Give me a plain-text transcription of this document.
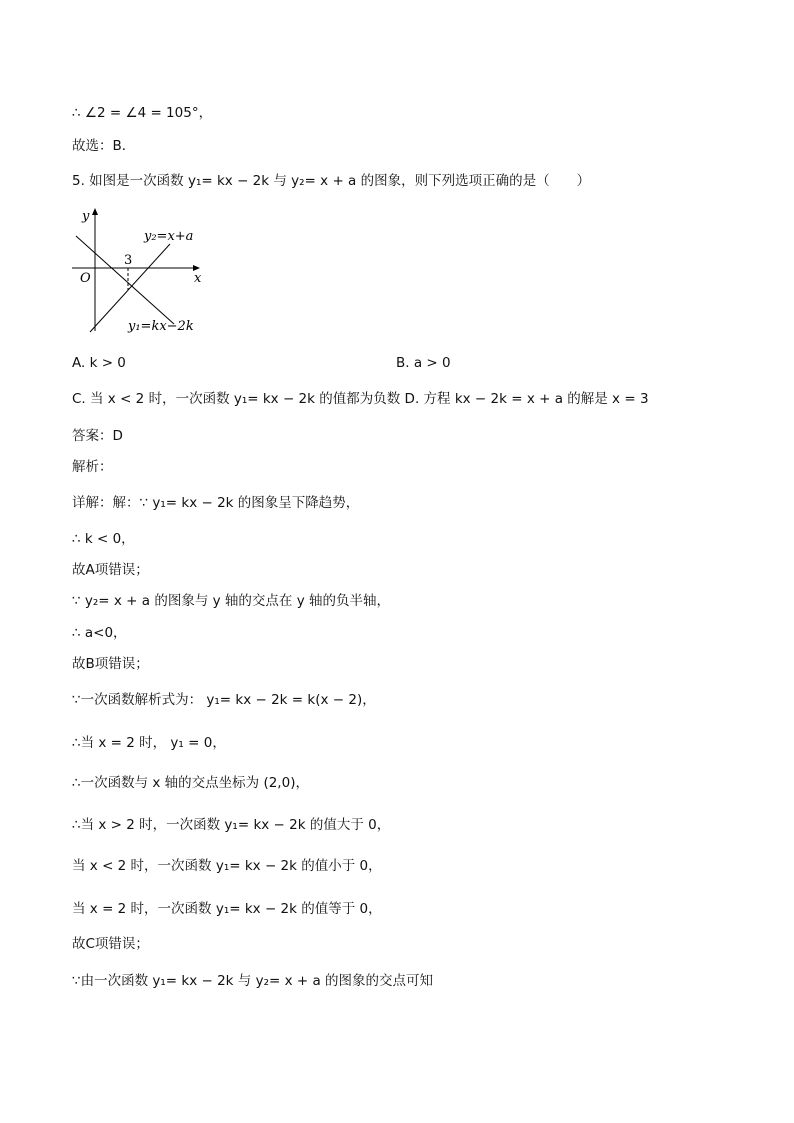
∴ ∠2 = ∠4 = 105°，
故选：B．
5. 如图是一次函数 y₁= kx − 2k 与 y₂= x + a 的图象，则下列选项正确的是（　　）
A. k > 0
C. 当 x < 2 时，一次函数 y₁= kx − 2k 的值都为负数 D. 方程 kx − 2k = x + a 的解是 x = 3
答案：D
解析：
详解：解：∵ y₁= kx − 2k 的图象呈下降趋势，
∴ k < 0，
故A项错误；
∵ y₂= x + a 的图象与 y 轴的交点在 y 轴的负半轴，
∴ a<0，
故B项错误；
∵一次函数解析式为： y₁= kx − 2k = k(x − 2)，
∴当 x = 2 时， y₁ = 0，
∴一次函数与 x 轴的交点坐标为 (2,0)，
∴当 x > 2 时，一次函数 y₁= kx − 2k 的值大于 0，
当 x < 2 时，一次函数 y₁= kx − 2k 的值小于 0，
当 x = 2 时，一次函数 y₁= kx − 2k 的值等于 0，
故C项错误；
∵由一次函数 y₁= kx − 2k 与 y₂= x + a 的图象的交点可知
B. a > 0
y
x
O
3
y₂=x+a
y₁=kx−2k
